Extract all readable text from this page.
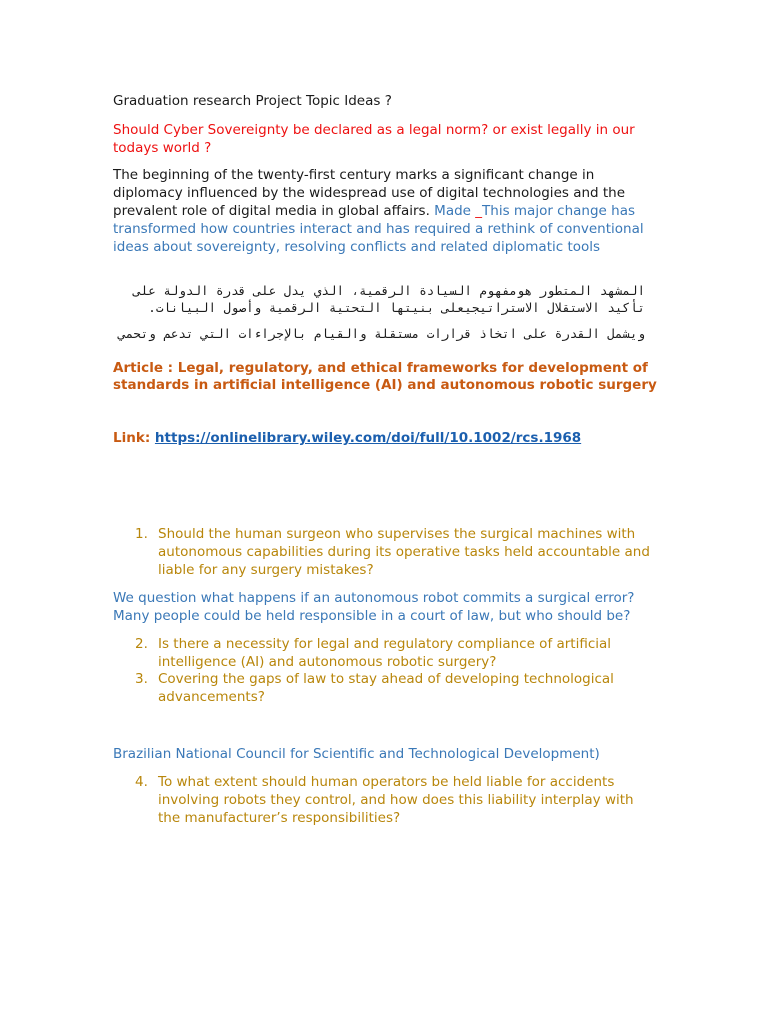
Graduation research Project Topic Ideas ?

Should Cyber Sovereignty be declared as a legal norm? or exist legally in our todays world ?

The beginning of the twenty-first century marks a significant change in diplomacy influenced by the widespread use of digital technologies and the prevalent role of digital media in global affairs. Made _This major change has transformed how countries interact and has required a rethink of conventional ideas about sovereignty, resolving conflicts and related diplomatic tools

المشهد المتطور هومفهوم السيادة الرقمية، الذي يدل على قدرة الدولة على

تأكيد الاستقلال الاستراتيجيعلى بنيتها التحتية الرقمية وأصول البيانات.

ويشمل القدرة على اتخاذ قرارات مستقلة والقيام بالإجراءات التي تدعم وتحمي

Article : Legal, regulatory, and ethical frameworks for development of standards in artificial intelligence (AI) and autonomous robotic surgery

Link: https://onlinelibrary.wiley.com/doi/full/10.1002/rcs.1968

1. Should the human surgeon who supervises the surgical machines with autonomous capabilities during its operative tasks held accountable and liable for any surgery mistakes?

We question what happens if an autonomous robot commits a surgical error? Many people could be held responsible in a court of law, but who should be?

2. Is there a necessity for legal and regulatory compliance of artificial intelligence (AI) and autonomous robotic surgery?
3. Covering the gaps of law to stay ahead of developing technological advancements?

Brazilian National Council for Scientific and Technological Development)

4. To what extent should human operators be held liable for accidents involving robots they control, and how does this liability interplay with the manufacturer’s responsibilities?
